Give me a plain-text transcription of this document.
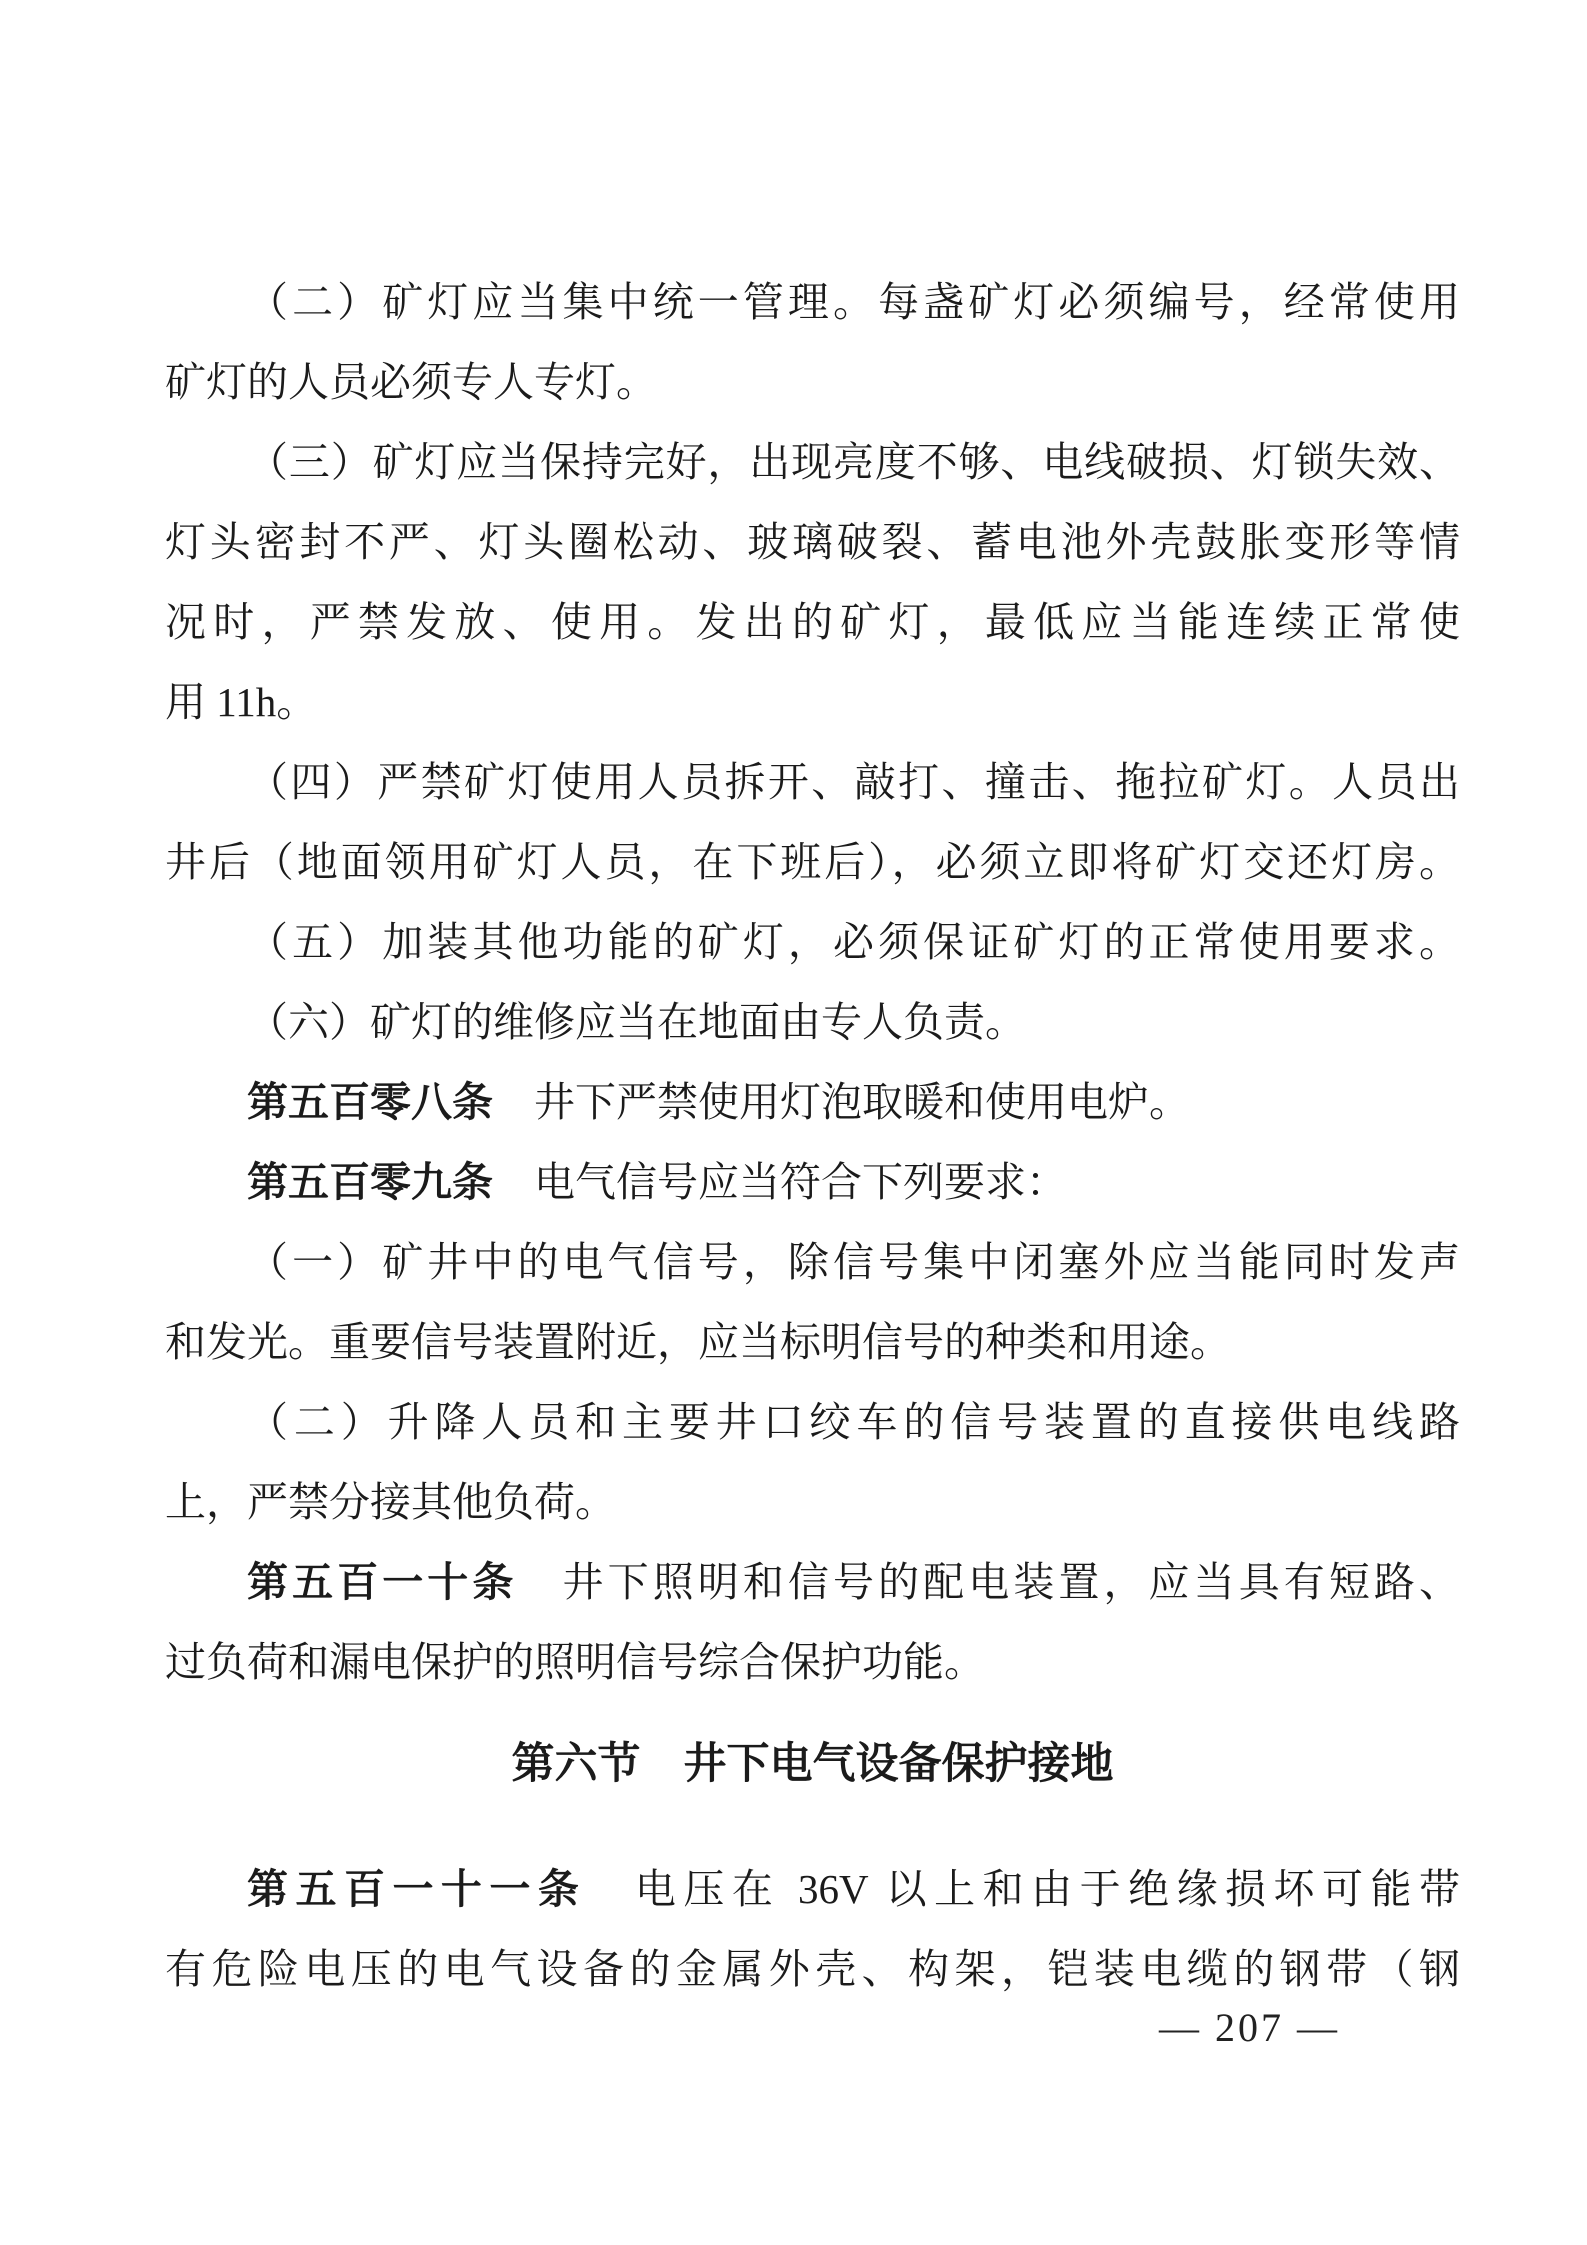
（二）矿灯应当集中统一管理。每盏矿灯必须编号，经常使用
矿灯的人员必须专人专灯。
（三）矿灯应当保持完好，出现亮度不够、电线破损、灯锁失效、
灯头密封不严、灯头圈松动、玻璃破裂、蓄电池外壳鼓胀变形等情
况时，严禁发放、使用。发出的矿灯，最低应当能连续正常使
用 11h。
（四）严禁矿灯使用人员拆开、敲打、撞击、拖拉矿灯。人员出
井后（地面领用矿灯人员，在下班后），必须立即将矿灯交还灯房。
（五）加装其他功能的矿灯，必须保证矿灯的正常使用要求。
（六）矿灯的维修应当在地面由专人负责。
第五百零八条　井下严禁使用灯泡取暖和使用电炉。
第五百零九条　电气信号应当符合下列要求：
（一）矿井中的电气信号，除信号集中闭塞外应当能同时发声
和发光。重要信号装置附近，应当标明信号的种类和用途。
（二）升降人员和主要井口绞车的信号装置的直接供电线路
上，严禁分接其他负荷。
第五百一十条　井下照明和信号的配电装置，应当具有短路、
过负荷和漏电保护的照明信号综合保护功能。
第六节　井下电气设备保护接地
第五百一十一条　电压在 36V 以上和由于绝缘损坏可能带
有危险电压的电气设备的金属外壳、构架，铠装电缆的钢带（钢
— 207 —
